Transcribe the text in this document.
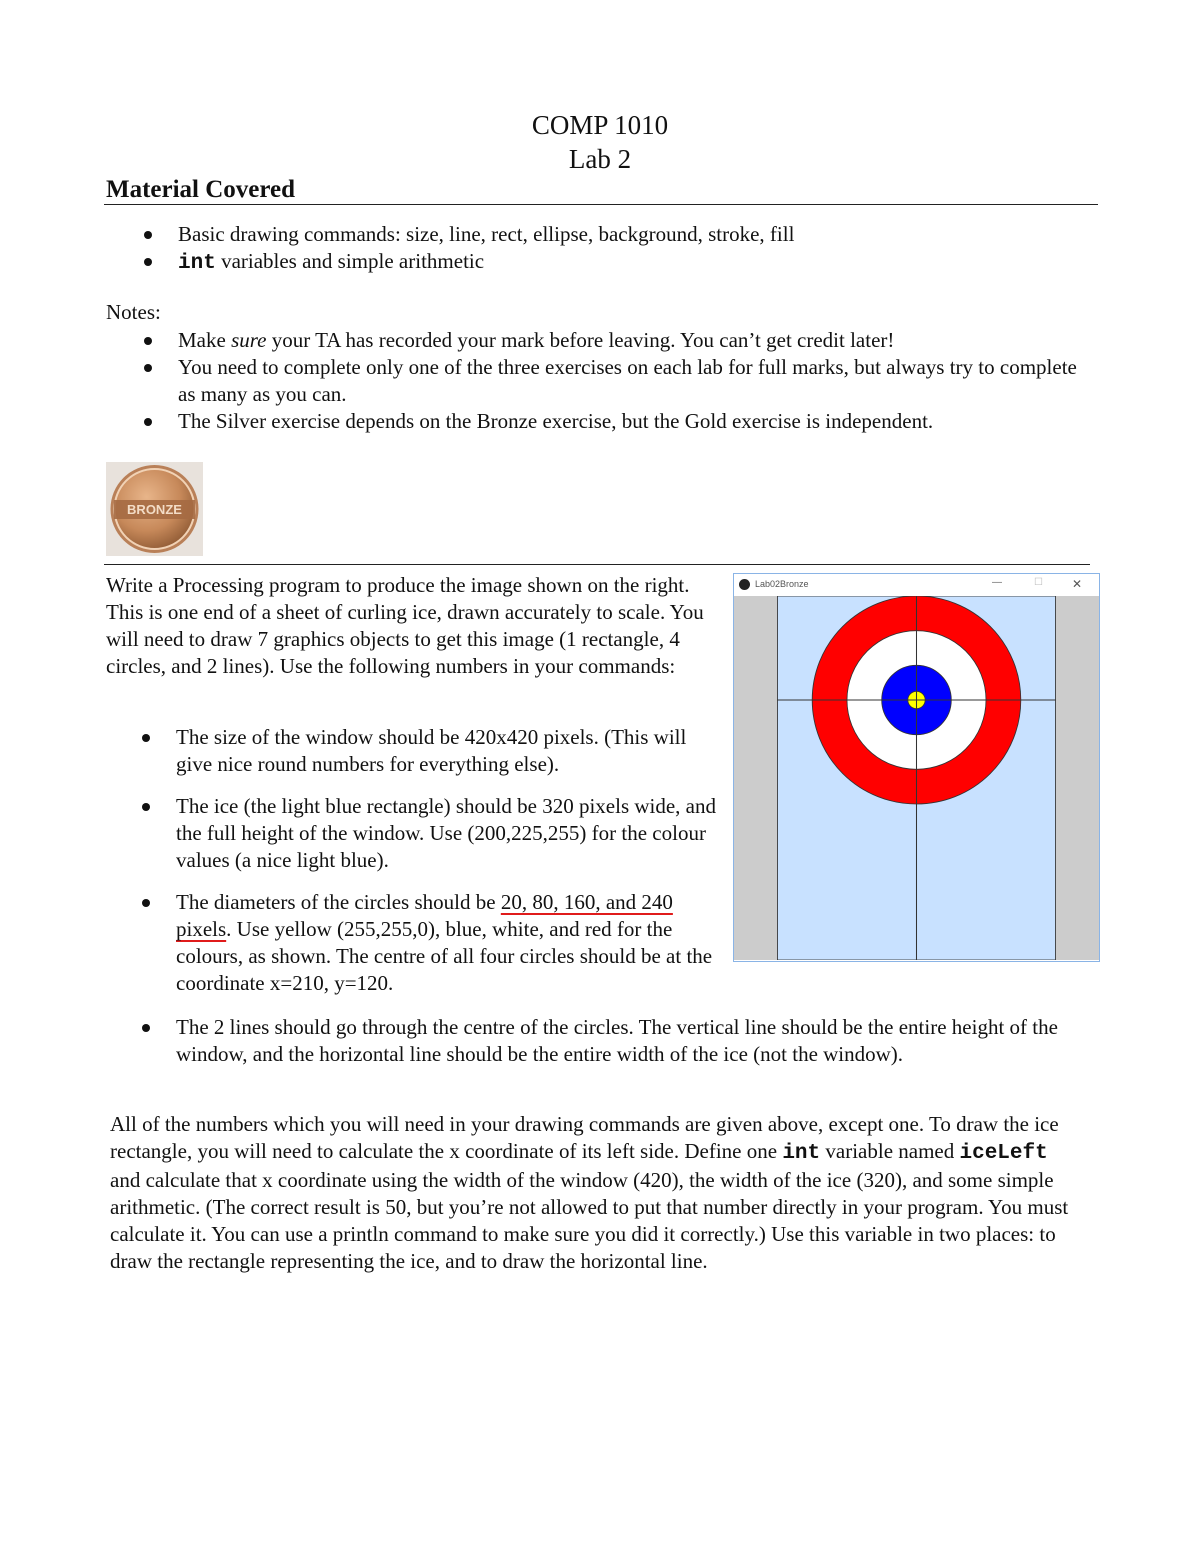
COMP 1010
Lab 2
Material Covered
Basic drawing commands: size, line, rect, ellipse, background, stroke, fill
int variables and simple arithmetic
Notes:
Make sure your TA has recorded your mark before leaving. You can’t get credit later!
You need to complete only one of the three exercises on each lab for full marks, but always try to complete as many as you can.
The Silver exercise depends on the Bronze exercise, but the Gold exercise is independent.
BRONZE

Write a Processing program to produce the image shown on the right. This is one end of a sheet of curling ice, drawn accurately to scale. You will need to draw 7 graphics objects to get this image (1 rectangle, 4 circles, and 2 lines). Use the following numbers in your commands:

The size of the window should be 420x420 pixels. (This will give nice round numbers for everything else).
The ice (the light blue rectangle) should be 320 pixels wide, and the full height of the window. Use (200,225,255) for the colour values (a nice light blue).
The diameters of the circles should be 20, 80, 160, and 240 pixels. Use yellow (255,255,0), blue, white, and red for the colours, as shown. The centre of all four circles should be at the coordinate x=210, y=120.
The 2 lines should go through the centre of the circles. The vertical line should be the entire height of the window, and the horizontal line should be the entire width of the ice (not the window).

All of the numbers which you will need in your drawing commands are given above, except one. To draw the ice rectangle, you will need to calculate the x coordinate of its left side. Define one int variable named iceLeft and calculate that x coordinate using the width of the window (420), the width of the ice (320), and some simple arithmetic. (The correct result is 50, but you’re not allowed to put that number directly in your program. You must calculate it. You can use a println command to make sure you did it correctly.) Use this variable in two places: to draw the rectangle representing the ice, and to draw the horizontal line.

Lab02Bronze	—	☐ ✕
